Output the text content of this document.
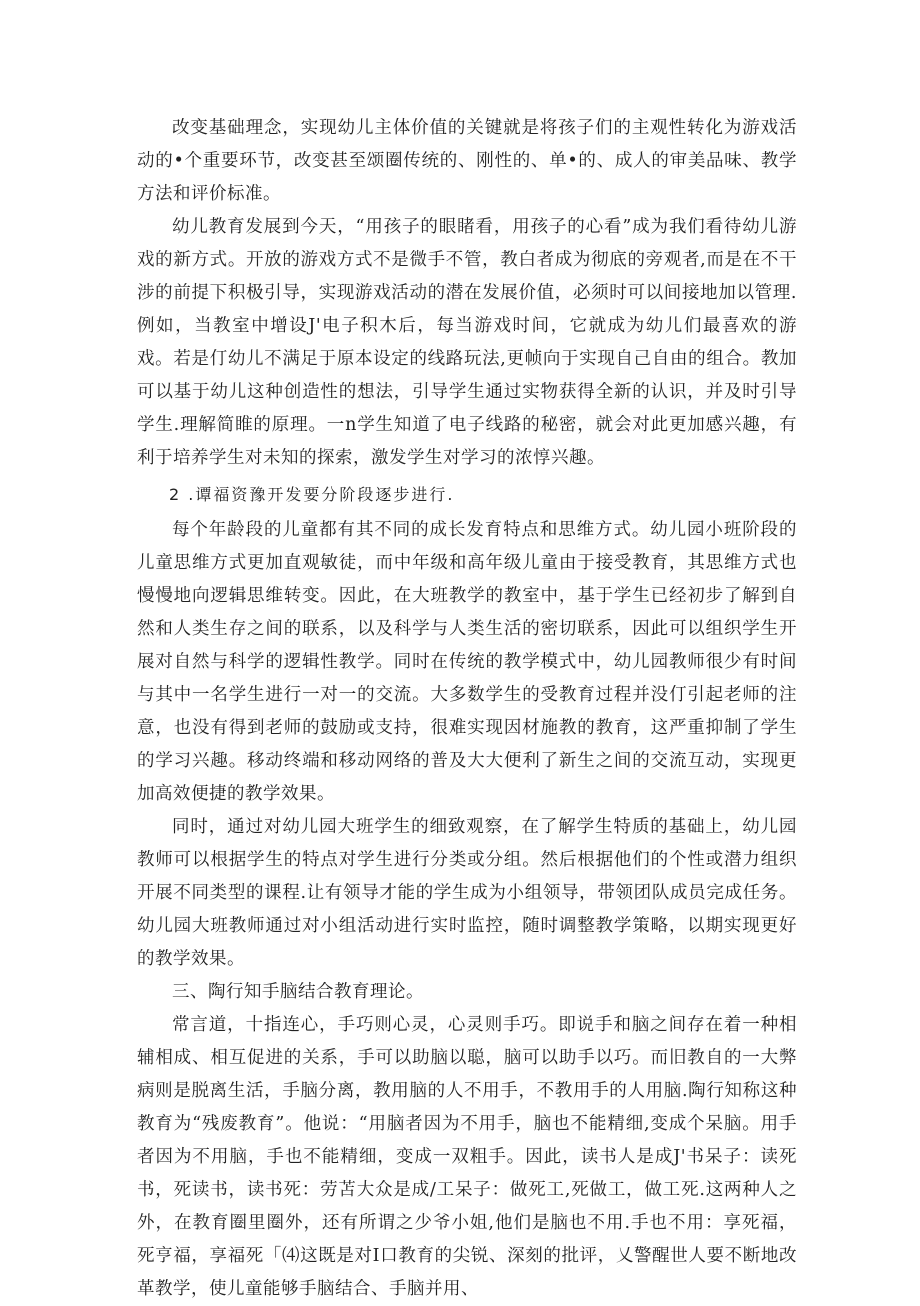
改变基础理念，实现幼儿主体价值的关键就是将孩子们的主观性转化为游戏活动的•个重要环节，改变甚至颂圈传统的、刚性的、单•的、成人的审美品味、教学方法和评价标准。

幼儿教育发展到今天，“用孩子的眼睹看，用孩子的心看”成为我们看待幼儿游戏的新方式。开放的游戏方式不是微手不管，教白者成为彻底的旁观者,而是在不干涉的前提下积极引导，实现游戏活动的潜在发展价值，必须时可以间接地加以管理.例如，当教室中增设J'电子积木后，每当游戏时间，它就成为幼儿们最喜欢的游戏。若是仃幼儿不满足于原本设定的线路玩法,更帧向于实现自己自由的组合。教加可以基于幼儿这种创造性的想法，引导学生通过实物获得全新的认识，并及时引导学生.理解简睢的原理。一n学生知道了电子线路的秘密，就会对此更加感兴趣，有利于培养学生对未知的探索，激发学生对学习的浓惇兴趣。

2 .谭福资豫开发要分阶段逐步进行.

每个年龄段的儿童都有其不同的成长发育特点和思维方式。幼儿园小班阶段的儿童思维方式更加直观敏徒，而中年级和高年级儿童由于接受教育，其思维方式也慢慢地向逻辑思维转变。因此，在大班教学的教室中，基于学生已经初步了解到自然和人类生存之间的联系，以及科学与人类生活的密切联系，因此可以组织学生开展对自然与科学的逻辑性教学。同时在传统的教学模式中，幼儿园教师很少有时间与其中一名学生进行一对一的交流。大多数学生的受教育过程并没仃引起老师的注意，也没有得到老师的鼓励或支持，很难实现因材施教的教育，这严重抑制了学生的学习兴趣。移动终端和移动网络的普及大大便利了新生之间的交流互动，实现更加高效便捷的教学效果。

同时，通过对幼儿园大班学生的细致观察，在了解学生特质的基础上，幼儿园教师可以根据学生的特点对学生进行分类或分组。然后根据他们的个性或潜力组织开展不同类型的课程.让有领导才能的学生成为小组领导，带领团队成员完成任务。幼儿园大班教师通过对小组活动进行实时监控，随时调整教学策略，以期实现更好的教学效果。

三、陶行知手脑结合教育理论。

常言道，十指连心，手巧则心灵，心灵则手巧。即说手和脑之间存在着一种相辅相成、相互促进的关系，手可以助脑以聪，脑可以助手以巧。而旧教自的一大弊病则是脱离生活，手脑分离，教用脑的人不用手，不教用手的人用脑.陶行知称这种教育为“残废教育”。他说：“用脑者因为不用手，脑也不能精细,变成个呆脑。用手者因为不用脑，手也不能精细，变成一双粗手。因此，读书人是成J'书呆子：读死书，死读书，读书死：劳苫大众是成/工呆子：做死工,死做工，做工死.这两种人之外，在教育圈里圈外，还有所谓之少爷小姐,他们是脑也不用.手也不用：享死福，死亨福，享福死「⑷这既是对I口教育的尖锐、深刻的批评，乂警醒世人要不断地改革教学，使儿童能够手脑结合、手脑并用、
